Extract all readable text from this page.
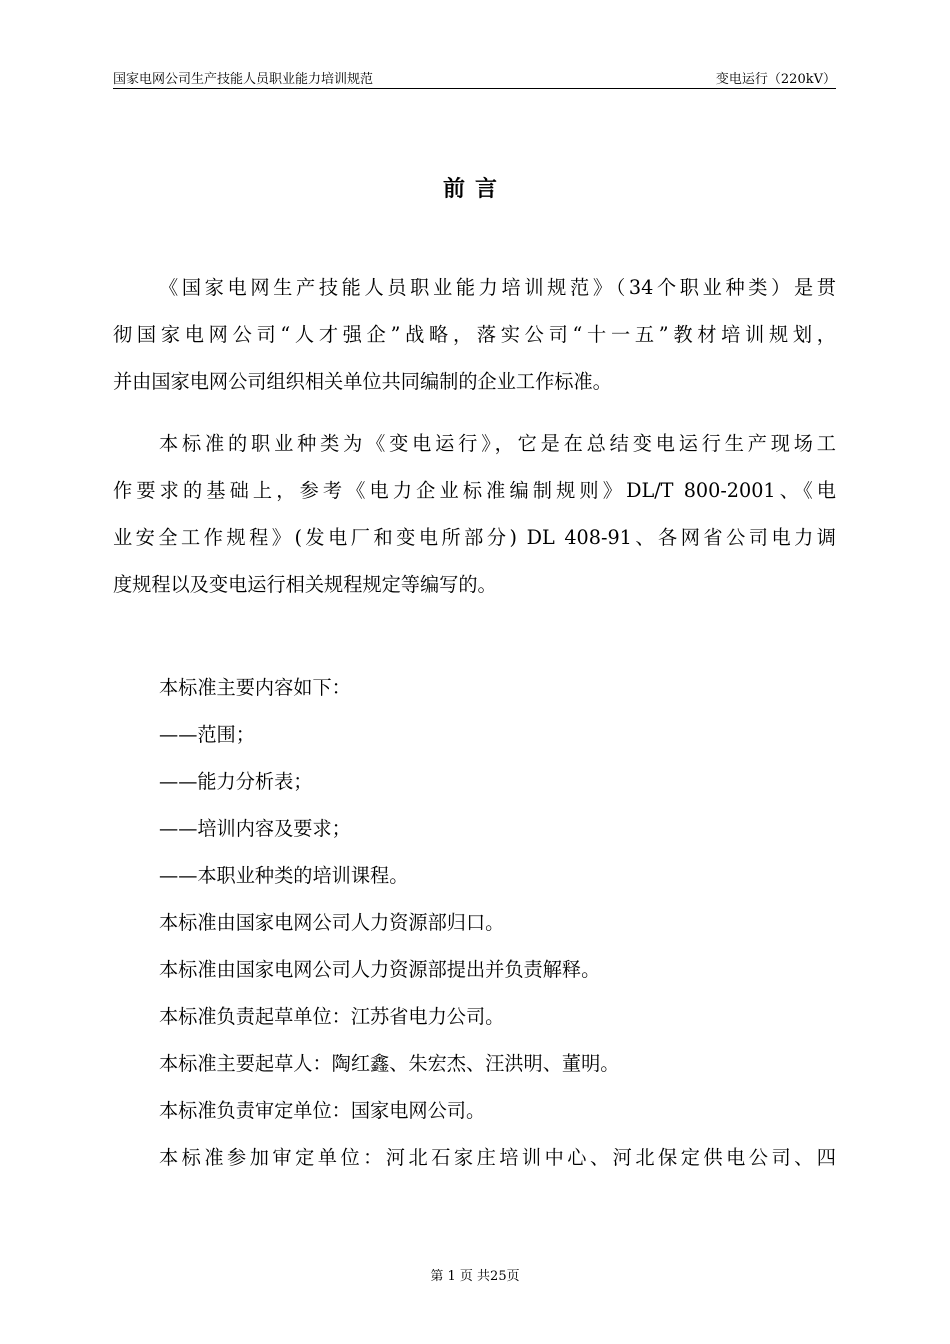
国家电网公司生产技能人员职业能力培训规范	变电运行（220kV）
前言
《国家电网生产技能人员职业能力培训规范》（34个职业种类）是贯
彻国家电网公司“人才强企”战略，落实公司“十一五”教材培训规划，
并由国家电网公司组织相关单位共同编制的企业工作标准。
本标准的职业种类为《变电运行》，它是在总结变电运行生产现场工
作要求的基础上，参考《电力企业标准编制规则》DL/T 800-2001、《电
业安全工作规程》(发电厂和变电所部分) DL 408-91、各网省公司电力调
度规程以及变电运行相关规程规定等编写的。
本标准主要内容如下：
——范围；
——能力分析表；
——培训内容及要求；
——本职业种类的培训课程。
本标准由国家电网公司人力资源部归口。
本标准由国家电网公司人力资源部提出并负责解释。
本标准负责起草单位：江苏省电力公司。
本标准主要起草人：陶红鑫、朱宏杰、汪洪明、董明。
本标准负责审定单位：国家电网公司。
本标准参加审定单位：河北石家庄培训中心、河北保定供电公司、四
第 1 页 共25页
